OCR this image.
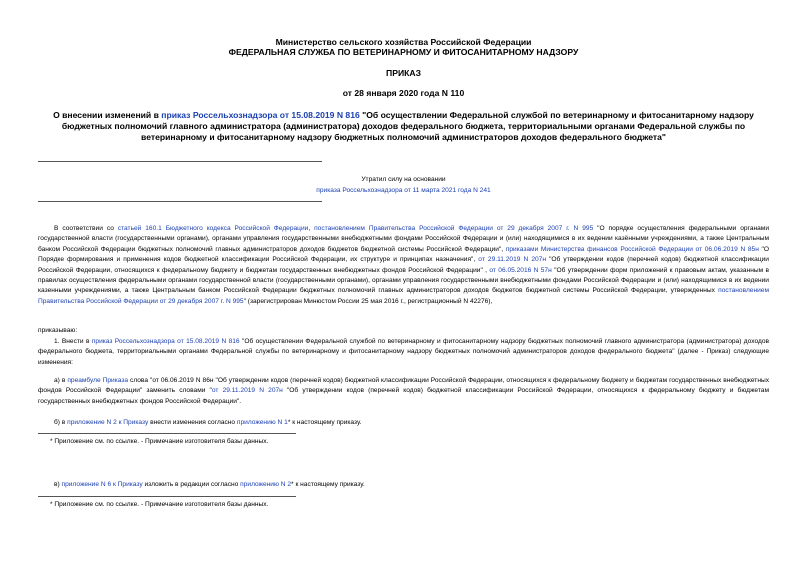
Министерство сельского хозяйства Российской Федерации
ФЕДЕРАЛЬНАЯ СЛУЖБА ПО ВЕТЕРИНАРНОМУ И ФИТОСАНИТАРНОМУ НАДЗОРУ
ПРИКАЗ
от 28 января 2020 года N 110
О внесении изменений в приказ Россельхознадзора от 15.08.2019 N 816 "Об осуществлении Федеральной службой по ветеринарному и фитосанитарному надзору бюджетных полномочий главного администратора (администратора) доходов федерального бюджета, территориальными органами Федеральной службы по ветеринарному и фитосанитарному надзору бюджетных полномочий администраторов доходов федерального бюджета"
Утратил силу на основании
приказа Россельхознадзора от 11 марта 2021 года N 241
В соответствии со статьей 160.1 Бюджетного кодекса Российской Федерации, постановлением Правительства Российской Федерации от 29 декабря 2007 г. N 995 "О порядке осуществления федеральными органами государственной власти (государственными органами), органами управления государственными внебюджетными фондами Российской Федерации и (или) находящимися в их ведении казёнными учреждениями, а также Центральным банком Российской Федерации бюджетных полномочий главных администраторов доходов бюджетов бюджетной системы Российской Федерации", приказами Министерства финансов Российской Федерации от 06.06.2019 N 85н "О Порядке формирования и применения кодов бюджетной классификации Российской Федерации, их структуре и принципах назначения", от 29.11.2019 N 207н "Об утверждении кодов (перечней кодов) бюджетной классификации Российской Федерации, относящихся к федеральному бюджету и бюджетам государственных внебюджетных фондов Российской Федерации" , от 06.05.2016 N 57н "Об утверждении форм приложений к правовым актам, указанным в правилах осуществления федеральными органами государственной власти (государственными органами), органами управления государственными внебюджетными фондами Российской Федерации и (или) находящимися в их ведении казенными учреждениями, а также Центральным банком Российской Федерации бюджетных полномочий главных администраторов доходов бюджетов бюджетной системы Российской Федерации, утвержденных постановлением Правительства Российской Федерации от 29 декабря 2007 г. N 995" (зарегистрирован Минюстом России 25 мая 2016 г., регистрационный N 42276),
приказываю:
1. Внести в приказ Россельхознадзора от 15.08.2019 N 816 "Об осуществлении Федеральной службой по ветеринарному и фитосанитарному надзору бюджетных полномочий главного администратора (администратора) доходов федерального бюджета, территориальными органами Федеральной службы по ветеринарному и фитосанитарному надзору бюджетных полномочий администраторов доходов федерального бюджета" (далее - Приказ) следующие изменения:
а) в преамбуле Приказа слова "от 06.06.2019 N 86н "Об утверждении кодов (перечней кодов) бюджетной классификации Российской Федерации, относящихся к федеральному бюджету и бюджетам государственных внебюджетных фондов Российской Федерации" заменить словами "от 29.11.2019 N 207н "Об утверждении кодов (перечней кодов) бюджетной классификации Российской Федерации, относящихся к федеральному бюджету и бюджетам государственных внебюджетных фондов Российской Федерации".
б) в приложение N 2 к Приказу внести изменения согласно приложению N 1* к настоящему приказу.
* Приложение см. по ссылке. - Примечание изготовителя базы данных.
в) приложение N 6 к Приказу изложить в редакции согласно приложению N 2* к настоящему приказу.
* Приложение см. по ссылке. - Примечание изготовителя базы данных.
